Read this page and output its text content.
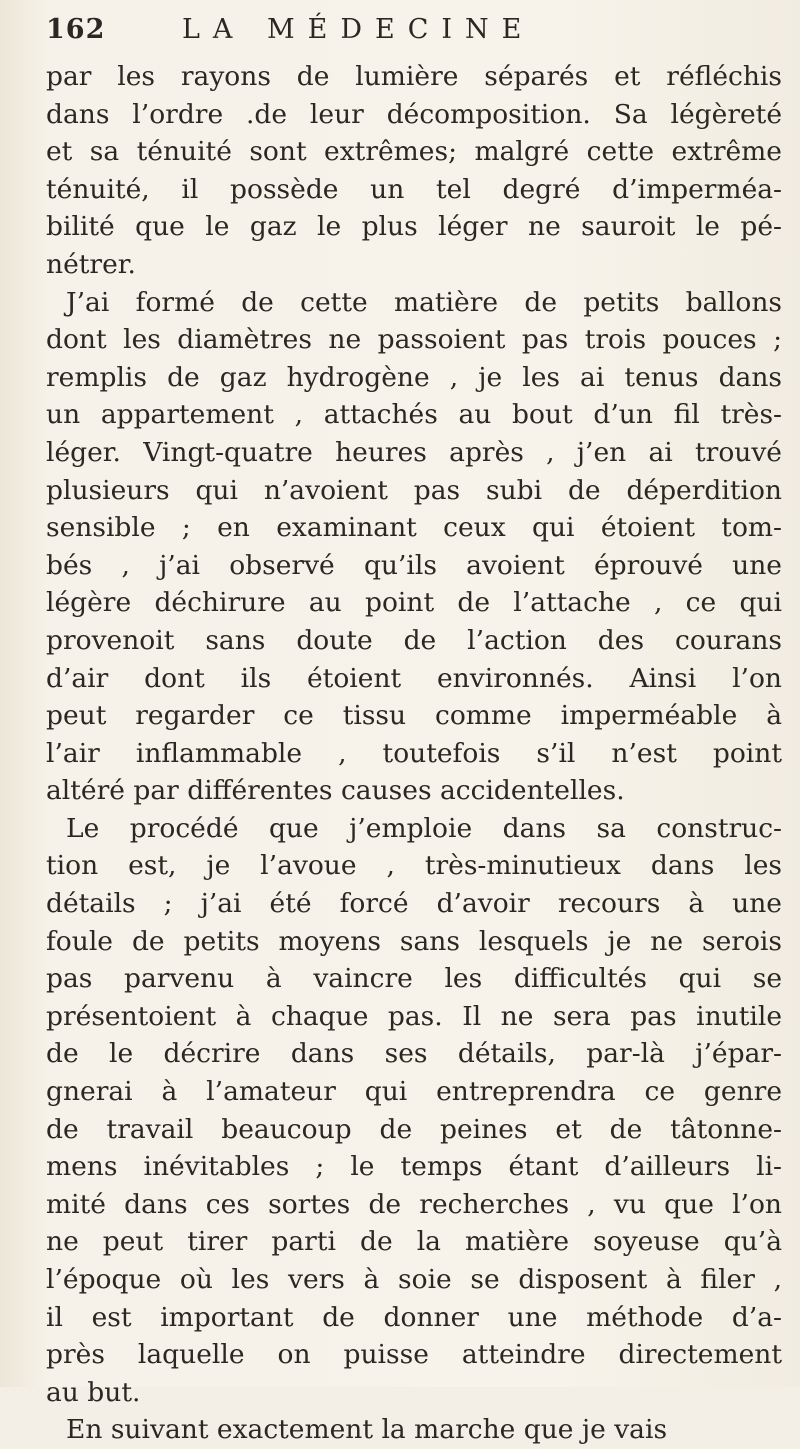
162	LA MÉDECINE
par les rayons de lumière séparés et réfléchis
dans l’ordre .de leur décomposition. Sa légèreté
et sa ténuité sont extrêmes; malgré cette extrême
ténuité, il possède un tel degré d’imperméa-
bilité que le gaz le plus léger ne sauroit le pé-
nétrer.
J’ai formé de cette matière de petits ballons
dont les diamètres ne passoient pas trois pouces ;
remplis de gaz hydrogène , je les ai tenus dans
un appartement , attachés au bout d’un fil très-
léger. Vingt-quatre heures après , j’en ai trouvé
plusieurs qui n’avoient pas subi de déperdition
sensible ; en examinant ceux qui étoient tom-
bés , j’ai observé qu’ils avoient éprouvé une
légère déchirure au point de l’attache , ce qui
provenoit sans doute de l’action des courans
d’air dont ils étoient environnés. Ainsi l’on
peut regarder ce tissu comme imperméable à
l’air inflammable , toutefois s’il n’est point
altéré par différentes causes accidentelles.
Le procédé que j’emploie dans sa construc-
tion est, je l’avoue , très-minutieux dans les
détails ; j’ai été forcé d’avoir recours à une
foule de petits moyens sans lesquels je ne serois
pas parvenu à vaincre les difficultés qui se
présentoient à chaque pas. Il ne sera pas inutile
de le décrire dans ses détails, par-là j’épar-
gnerai à l’amateur qui entreprendra ce genre
de travail beaucoup de peines et de tâtonne-
mens inévitables ; le temps étant d’ailleurs li-
mité dans ces sortes de recherches , vu que l’on
ne peut tirer parti de la matière soyeuse qu’à
l’époque où les vers à soie se disposent à filer ,
il est important de donner une méthode d’a-
près laquelle on puisse atteindre directement
au but.
En suivant exactement la marche que je vais
